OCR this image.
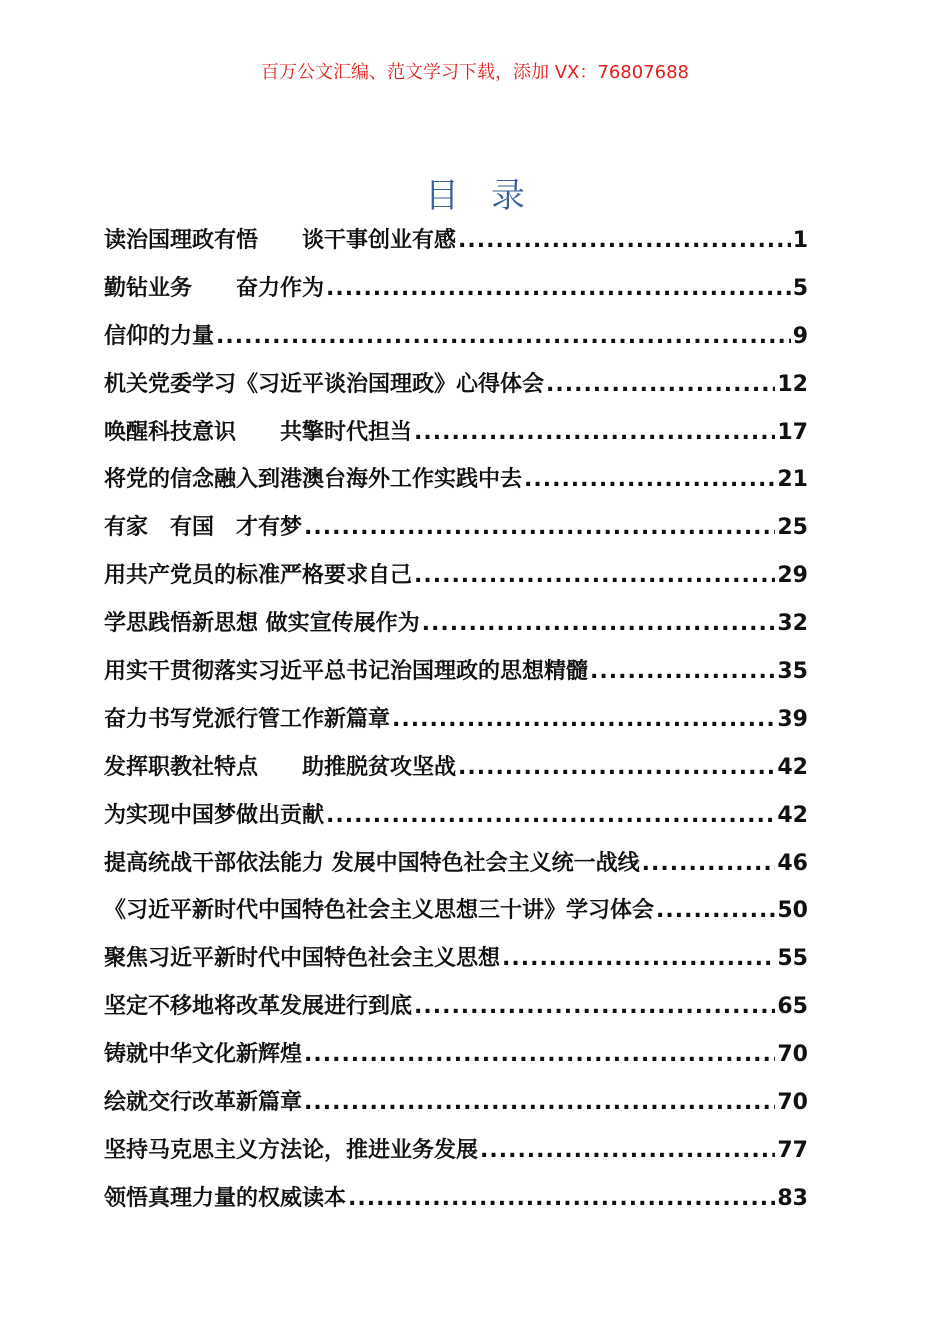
百万公文汇编、范文学习下载，添加 VX：76807688
目录
读治国理政有悟　　谈干事创业有感 .....	1
勤钻业务　　奋力作为 .....	5
信仰的力量 .....	9
机关党委学习《习近平谈治国理政》心得体会 .....	12
唤醒科技意识　　共擎时代担当 .....	17
将党的信念融入到港澳台海外工作实践中去 .....	21
有家　有国　才有梦 .....	25
用共产党员的标准严格要求自己 .....	29
学思践悟新思想 做实宣传展作为 .....	32
用实干贯彻落实习近平总书记治国理政的思想精髓 .....	35
奋力书写党派行管工作新篇章 .....	39
发挥职教社特点　　助推脱贫攻坚战 .....	42
为实现中国梦做出贡献 .....	42
提高统战干部依法能力 发展中国特色社会主义统一战线 .....	46
《习近平新时代中国特色社会主义思想三十讲》学习体会 .....	50
聚焦习近平新时代中国特色社会主义思想 .....	55
坚定不移地将改革发展进行到底 .....	65
铸就中华文化新辉煌 .....	70
绘就交行改革新篇章 .....	70
坚持马克思主义方法论，推进业务发展 .....	77
领悟真理力量的权威读本 .....	83
